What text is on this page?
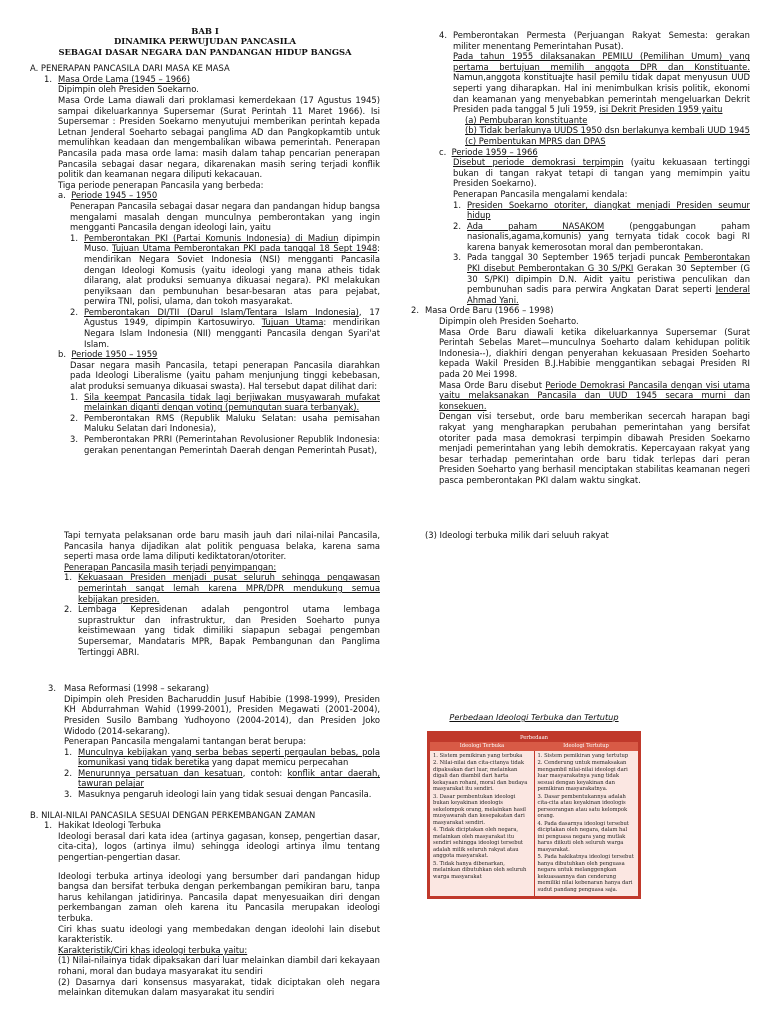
BAB I

DINAMIKA PERWUJUDAN PANCASILA

SEBAGAI DASAR NEGARA DAN PANDANGAN HIDUP BANGSA

A. PENERAPAN PANCASILA DARI MASA KE MASA

1. Masa Orde Lama (1945 – 1966)

Dipimpin oleh Presiden Soekarno.

Masa Orde Lama diawali dari proklamasi kemerdekaan (17 Agustus 1945) sampai dikeluarkannya Supersemar (Surat Perintah 11 Maret 1966). Isi Supersemar : Presiden Soekarno menyutujui memberikan perintah kepada Letnan Jenderal Soeharto sebagai panglima AD dan Pangkopkamtib untuk memulihkan keadaan dan mengembalikan wibawa pemerintah. Penerapan Pancasila pada masa orde lama: masih dalam tahap pencarian penerapan Pancasila sebagai dasar negara, dikarenakan masih sering terjadi konflik politik dan keamanan negara diliputi kekacauan.

Tiga periode penerapan Pancasila yang berbeda:

a.  Periode 1945 – 1950

Penerapan Pancasila sebagai dasar negara dan pandangan hidup bangsa mengalami masalah dengan munculnya pemberontakan yang ingin mengganti Pancasila dengan ideologi lain, yaitu

1. Pemberontakan PKI (Partai Komunis Indonesia) di Madiun dipimpin Muso. Tujuan Utama Pemberontakan PKI pada tanggal 18 Sept 1948: mendirikan Negara Soviet Indonesia (NSI) mengganti Pancasila dengan Ideologi Komusis (yaitu ideologi yang mana atheis tidak dilarang, alat produksi semuanya dikuasai negara). PKI melakukan penyiksaan dan pembunuhan besar-besaran atas para pejabat, perwira TNI, polisi, ulama, dan tokoh masyarakat.
2. Pemberontakan DI/TII (Darul Islam/Tentara Islam Indonesia), 17 Agustus 1949, dipimpin Kartosuwiryo. Tujuan Utama: mendirikan Negara Islam Indonesia (NII) mengganti Pancasila dengan Syari'at Islam.
b.  Periode 1950 – 1959

Dasar negara masih Pancasila, tetapi penerapan Pancasila diarahkan pada Ideologi Liberalisme (yaitu paham menjunjung tinggi kebebasan, alat produksi semuanya dikuasai swasta). Hal tersebut dapat dilihat dari:

1. Sila keempat Pancasila tidak lagi berjiwakan musyawarah mufakat melainkan diganti dengan voting (pemungutan suara terbanyak).
2. Pemberontakan RMS (Republik Maluku Selatan: usaha pemisahan Maluku Selatan dari Indonesia),
3. Pemberontakan PRRI (Pemerintahan Revolusioner Republik Indonesia: gerakan penentangan Pemerintah Daerah dengan Pemerintah Pusat),
4. Pemberontakan Permesta (Perjuangan Rakyat Semesta: gerakan militer menentang Pemerintahan Pusat).

Pada tahun 1955 dilaksanakan PEMILU (Pemilihan Umum) yang pertama bertujuan memilih anggota DPR dan Konstituante. Namun,anggota konstituajte hasil pemilu tidak dapat menyusun UUD seperti yang diharapkan. Hal ini menimbulkan krisis politik, ekonomi dan keamanan yang menyebabkan pemerintah mengeluarkan Dekrit Presiden pada tanggal 5 Juli 1959, isi Dekrit Presiden 1959 yaitu

(a) Pembubaran konstituante

(b) Tidak berlakunya UUDS 1950 dsn berlakunya kembali UUD 1945

(c) Pembentukan MPRS dan DPAS

c.  Periode 1959 – 1966

Disebut periode demokrasi terpimpin (yaitu kekuasaan tertinggi bukan di tangan rakyat tetapi di tangan yang memimpin yaitu Presiden Soekarno).

Penerapan Pancasila mengalami kendala:

1. Presiden Soekarno otoriter, diangkat menjadi Presiden seumur hidup
2. Ada paham NASAKOM (penggabungan paham nasionalis,agama,komunis) yang ternyata tidak cocok bagi RI karena banyak kemerosotan moral dan pemberontakan.
3. Pada tanggal 30 September 1965 terjadi puncak Pemberontakan PKI disebut Pemberontakan G 30 S/PKI Gerakan 30 September (G 30 S/PKI) dipimpin D.N. Aidit yaitu peristiwa penculikan dan pembunuhan sadis para perwira Angkatan Darat seperti Jenderal Ahmad Yani.
2. Masa Orde Baru (1966 – 1998)

Dipimpin oleh Presiden Soeharto.

Masa Orde Baru diawali ketika dikeluarkannya Supersemar (Surat Perintah Sebelas Maret—munculnya Soeharto dalam kehidupan politik Indonesia--), diakhiri dengan penyerahan kekuasaan Presiden Soeharto kepada Wakil Presiden B.J.Habibie menggantikan sebagai Presiden RI pada 20 Mei 1998.

Masa Orde Baru disebut Periode Demokrasi Pancasila dengan visi utama yaitu melaksanakan Pancasila dan UUD 1945 secara murni dan konsekuen.

Dengan visi tersebut, orde baru memberikan secercah harapan bagi rakyat yang mengharapkan perubahan pemerintahan yang bersifat otoriter pada masa demokrasi terpimpin dibawah Presiden Soekarno menjadi pemerintahan yang lebih demokratis. Kepercayaan rakyat yang besar terhadap pemerintahan orde baru tidak terlepas dari peran Presiden Soeharto yang berhasil menciptakan stabilitas keamanan negeri pasca pemberontakan PKI dalam waktu singkat.

Tapi ternyata pelaksanan orde baru masih jauh dari nilai-nilai Pancasila, Pancasila hanya dijadikan alat politik penguasa belaka, karena sama seperti masa orde lama diliputi kediktatoran/otoriter.

Penerapan Pancasila masih terjadi penyimpangan:

1. Kekuasaan Presiden menjadi pusat seluruh sehingga pengawasan pemerintah sangat lemah karena MPR/DPR mendukung semua kebijakan presiden.
2. Lembaga Kepresidenan adalah pengontrol utama lembaga suprastruktur dan infrastruktur, dan Presiden Soeharto punya keistimewaan yang tidak dimiliki siapapun sebagai pengemban Supersemar, Mandataris MPR, Bapak Pembangunan dan Panglima Tertinggi ABRI.
3. Masa Reformasi (1998 – sekarang)

Dipimpin oleh Presiden Bacharuddin Jusuf Habibie (1998-1999), Presiden KH Abdurrahman Wahid (1999-2001), Presiden Megawati (2001-2004), Presiden Susilo Bambang Yudhoyono (2004-2014), dan Presiden Joko Widodo (2014-sekarang).

Penerapan Pancasila mengalami tantangan berat berupa:

1. Munculnya kebijakan yang serba bebas seperti pergaulan bebas, pola komunikasi yang tidak beretika yang dapat memicu perpecahan
2. Menurunnya persatuan dan kesatuan, contoh: konflik antar daerah, tawuran pelajar
3. Masuknya pengaruh ideologi lain yang tidak sesuai dengan Pancasila.

B. NILAI-NILAI PANCASILA SESUAI DENGAN PERKEMBANGAN ZAMAN

1. Hakikat Ideologi Terbuka

Ideologi berasal dari kata idea (artinya gagasan, konsep, pengertian dasar, cita-cita), logos (artinya ilmu) sehingga ideologi artinya ilmu tentang pengertian-pengertian dasar.

Ideologi terbuka artinya ideologi yang bersumber dari pandangan hidup bangsa dan bersifat terbuka dengan perkembangan pemikiran baru, tanpa harus kehilangan jatidirinya. Pancasila dapat menyesuaikan diri dengan perkembangan zaman oleh karena itu Pancasila merupakan ideologi terbuka.

Ciri khas suatu ideologi yang membedakan dengan ideolohi lain disebut karakteristik.

Karakteristik/Ciri khas ideologi terbuka yaitu:

(1) Nilai-nilainya tidak dipaksakan dari luar melainkan diambil dari kekayaan rohani, moral dan budaya masyarakat itu sendiri

(2) Dasarnya dari konsensus masyarakat, tidak diciptakan oleh negara melainkan ditemukan dalam masyarakat itu sendiri

(3) Ideologi terbuka milik dari seluuh rakyat

Perbedaan Ideologi Terbuka dan Tertutup
Perbedaan
Ideologi Terbuka	Ideologi Tertutup
1. Sistem pemikiran yang terbuka
2. Nilai-nilai dan cita-citanya tidak dipaksakan dari luar, melainkan digali dan diambil dari harta kekayaan rohani, moral dan budaya masyarakat itu sendiri.
3. Dasar pembentukan ideologi bukan keyakinan ideologis sekelompok orang, melainkan hasil musyawarah dan kesepakatan dari masyarakat sendiri.
4. Tidak diciptakan oleh negara, melainkan oleh masyarakat itu sendiri sehingga ideologi tersebut adalah milik seluruh rakyat atau anggota masyarakat.
5. Tidak hanya dibenarkan, melainkan dibutuhkan oleh seluruh warga masyarakat
1. Sistem pemikiran yang tertutup
2. Cenderung untuk memaksakan mengambil nilai-nilai ideologi dari luar masyarakatnya yang tidak sesuai dengan keyakinan dan pemikiran masyarakatnya.
3. Dasar pembentukannya adalah cita-cita atau keyakinan ideologis perseorangan atau satu kelompok orang.
4. Pada dasarnya ideologi tersebut diciptakan oleh negara, dalam hal ini penguasa negara yang mutlak harus diikuti oleh seluruh warga masyarakat.
5. Pada hakikatnya ideologi tersebut hanya dibutuhkan oleh penguasa negara untuk melanggengkan kekuasaannya dan cenderung memiliki nilai kebenaran hanya dari sudut pandang penguasa saja.
